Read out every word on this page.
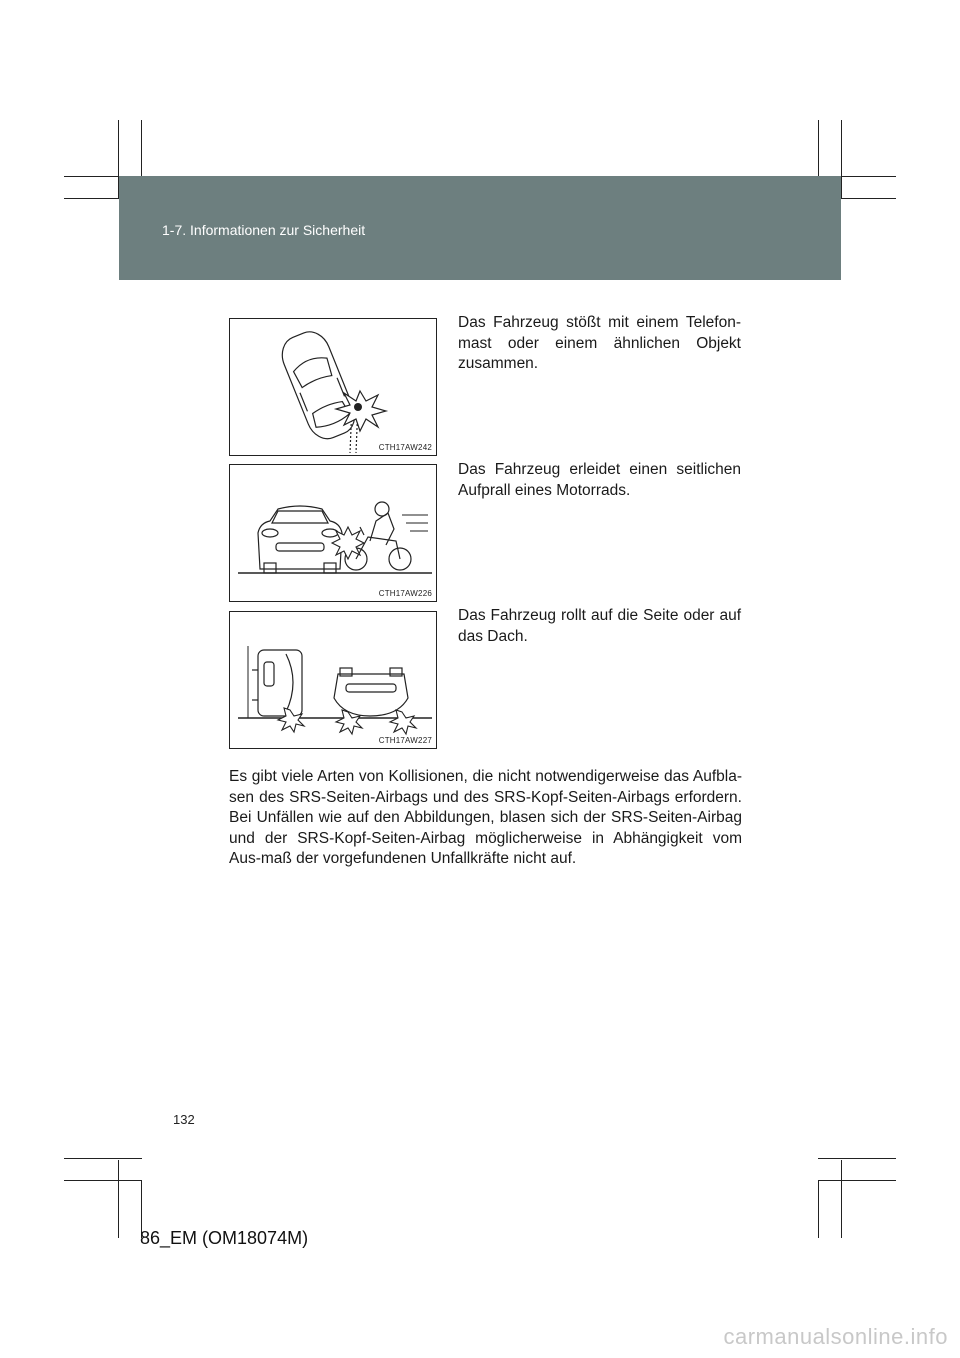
1-7. Informationen zur Sicherheit
CTH17AW242
Das Fahrzeug stößt mit einem Telefon-mast oder einem ähnlichen Objekt zusammen.
CTH17AW226
Das Fahrzeug erleidet einen seitlichen Aufprall eines Motorrads.
CTH17AW227
Das Fahrzeug rollt auf die Seite oder auf das Dach.
Es gibt viele Arten von Kollisionen, die nicht notwendigerweise das Aufbla-sen des SRS-Seiten-Airbags und des SRS-Kopf-Seiten-Airbags erfordern. Bei Unfällen wie auf den Abbildungen, blasen sich der SRS-Seiten-Airbag und der SRS-Kopf-Seiten-Airbag möglicherweise in Abhängigkeit vom Aus-maß der vorgefundenen Unfallkräfte nicht auf.
132
86_EM (OM18074M)
carmanualsonline.info
